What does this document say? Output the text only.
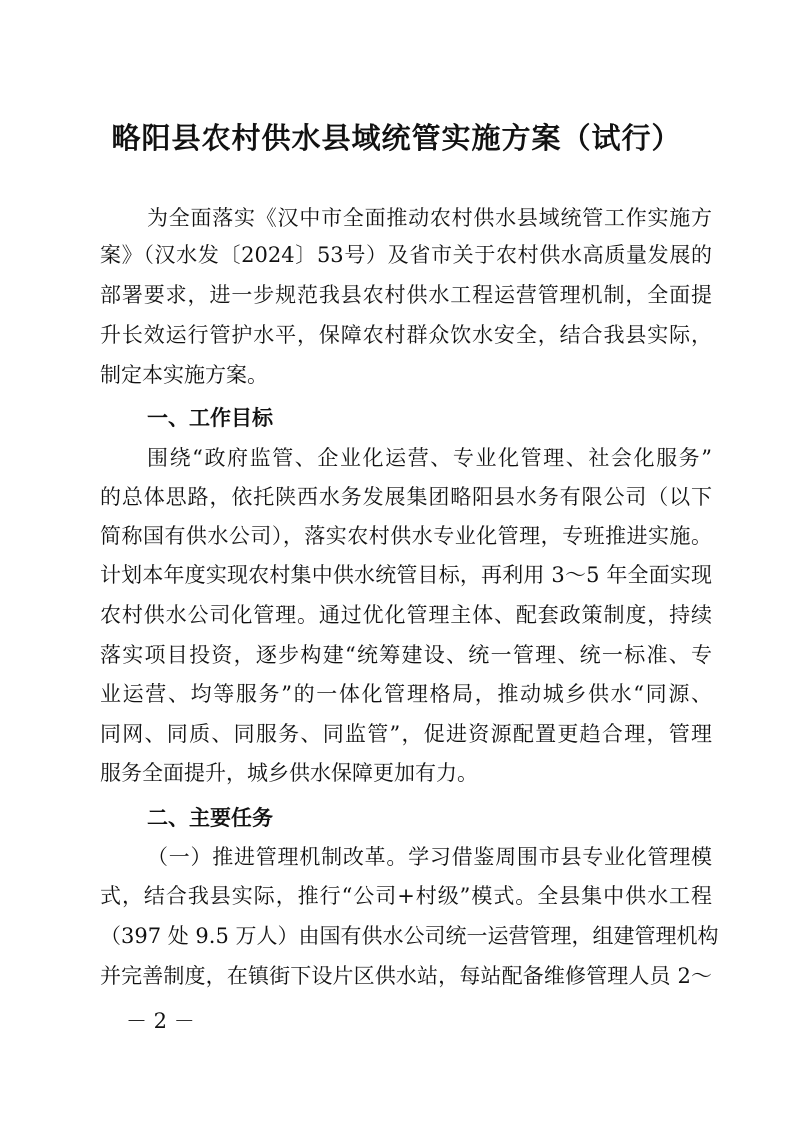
略阳县农村供水县域统管实施方案（试行）
为全面落实《汉中市全面推动农村供水县域统管工作实施方
案》（汉水发〔2024〕53号）及省市关于农村供水高质量发展的
部署要求，进一步规范我县农村供水工程运营管理机制，全面提
升长效运行管护水平，保障农村群众饮水安全，结合我县实际，
制定本实施方案。
一、工作目标
围绕“政府监管、企业化运营、专业化管理、社会化服务”
的总体思路，依托陕西水务发展集团略阳县水务有限公司（以下
简称国有供水公司），落实农村供水专业化管理，专班推进实施。
计划本年度实现农村集中供水统管目标，再利用 3～5 年全面实现
农村供水公司化管理。通过优化管理主体、配套政策制度，持续
落实项目投资，逐步构建“统筹建设、统一管理、统一标准、专
业运营、均等服务”的一体化管理格局，推动城乡供水“同源、
同网、同质、同服务、同监管”，促进资源配置更趋合理，管理
服务全面提升，城乡供水保障更加有力。
二、主要任务
（一）推进管理机制改革。学习借鉴周围市县专业化管理模
式，结合我县实际，推行“公司+村级”模式。全县集中供水工程
（397 处 9.5 万人）由国有供水公司统一运营管理，组建管理机构
并完善制度，在镇街下设片区供水站，每站配备维修管理人员 2～
－ 2 －
